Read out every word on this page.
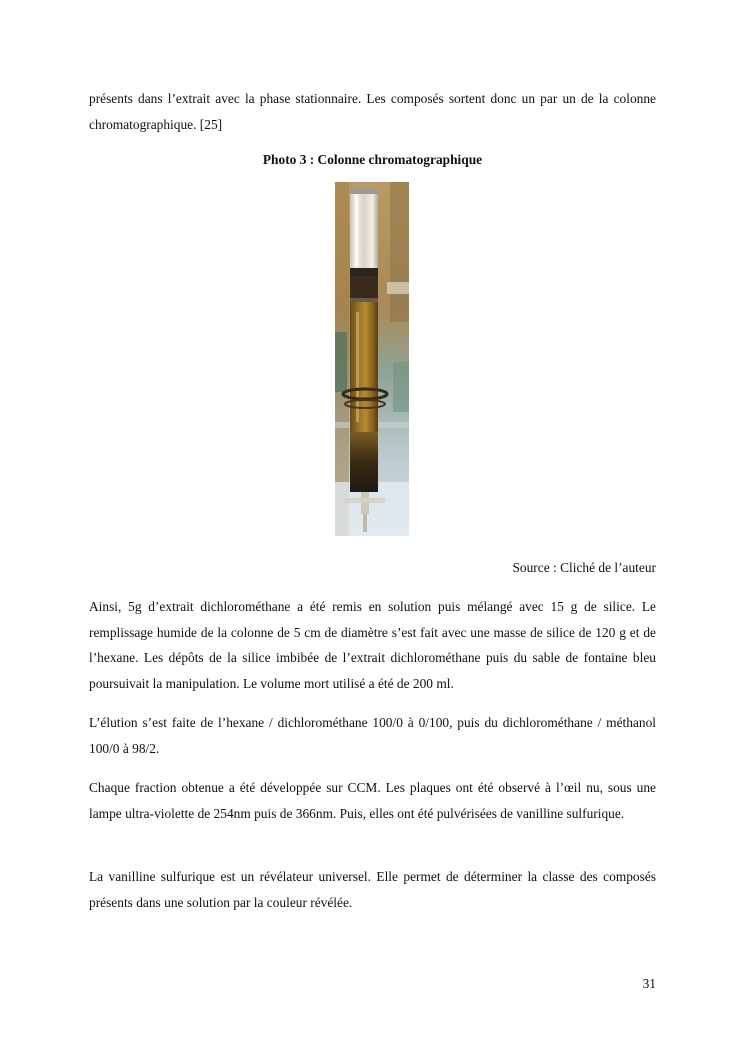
présents dans l’extrait avec la phase stationnaire. Les composés sortent donc un par un de la colonne chromatographique. [25]

Photo 3 : Colonne chromatographique

Source : Cliché de l’auteur

Ainsi, 5g d’extrait dichlorométhane a été remis en solution puis mélangé avec 15 g de silice. Le remplissage humide de la colonne de 5 cm de diamètre s’est fait avec une masse de silice de 120 g et de l’hexane. Les dépôts de la silice imbibée de l’extrait dichlorométhane puis du sable de fontaine bleu poursuivait la manipulation. Le volume mort utilisé a été de 200 ml.

L’élution s’est faite de l’hexane / dichlorométhane 100/0 à 0/100, puis du dichlorométhane / méthanol 100/0 à 98/2.

Chaque fraction obtenue a été développée sur CCM. Les plaques ont été observé à l’œil nu, sous une lampe ultra-violette de 254nm puis de 366nm. Puis, elles ont été pulvérisées de vanilline sulfurique.

La vanilline sulfurique est un révélateur universel. Elle permet de déterminer la classe des composés présents dans une solution par la couleur révélée.

31
